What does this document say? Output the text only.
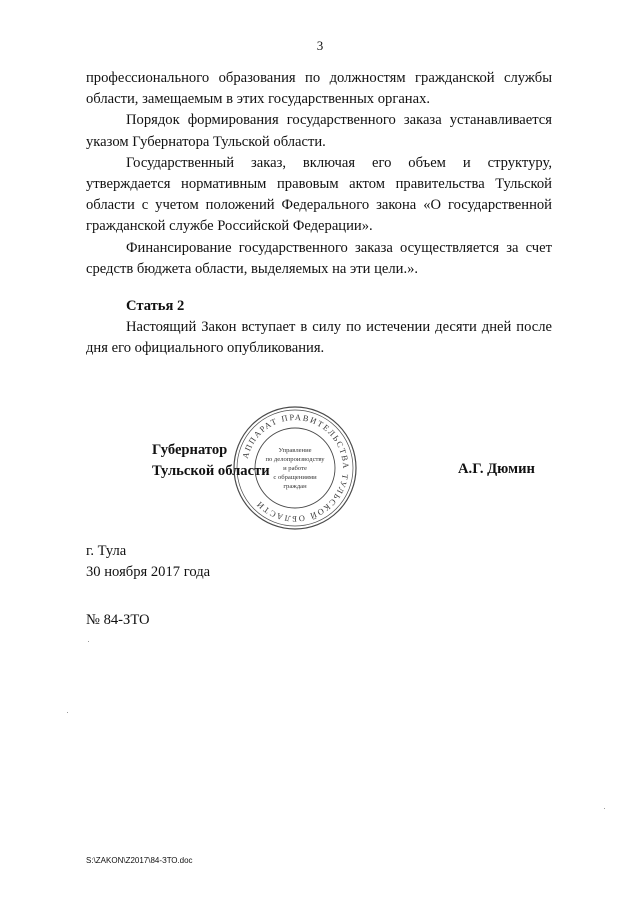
3

профессионального образования по должностям гражданской службы области, замещаемым в этих государственных органах.

Порядок формирования государственного заказа устанавливается указом Губернатора Тульской области.

Государственный заказ, включая его объем и структуру, утверждается нормативным правовым актом правительства Тульской области с учетом положений Федерального закона «О государственной гражданской службе Российской Федерации».

Финансирование государственного заказа осуществляется за счет средств бюджета области, выделяемых на эти цели.».

Статья 2

Настоящий Закон вступает в силу по истечении десяти дней после дня его официального опубликования.

АППАРАТ ПРАВИТЕЛЬСТВА ТУЛЬСКОЙ ОБЛАСТИ
Управление
по делопроизводству
и работе
с обращениями
граждан
Губернатор
Тульской области	А.Г. Дюмин
г. Тула
30 ноября 2017 года
№ 84-ЗТО
S:\ZAKON\Z2017\84-ЗТО.doc
